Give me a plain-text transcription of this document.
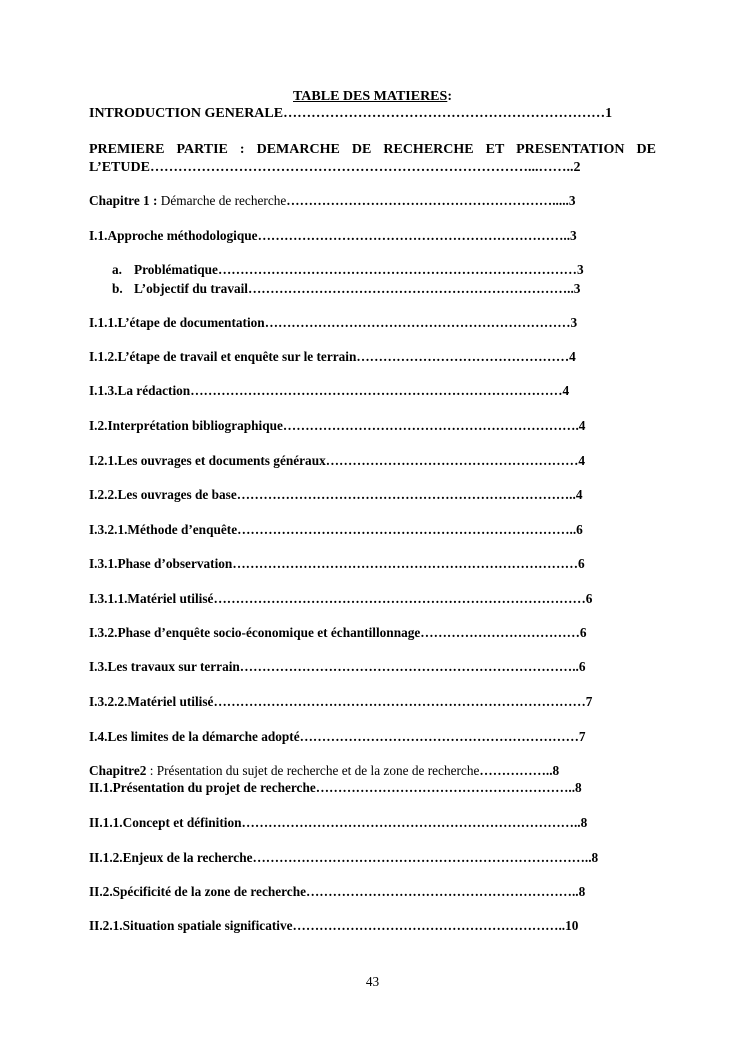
TABLE DES MATIERES:
INTRODUCTION GENERALE……………………………………………………………1
PREMIERE PARTIE : DEMARCHE DE RECHERCHE ET PRESENTATION DE
L’ETUDE………………………………………………………………………...……..2
Chapitre 1 : Démarche de recherche…………………………………………………….....3
I.1.Approche méthodologique……………………………………………………………..3
a. Problématique………………………………………………………………………3
b. L’objectif du travail………………………………………………………………..3
I.1.1.L’étape de documentation……………………………………………………………3
I.1.2.L’étape de travail et enquête sur le terrain…………………………………………4
I.1.3.La rédaction…………………………………………………………………………4
I.2.Interprétation bibliographique………………………………………………………….4
I.2.1.Les ouvrages et documents généraux…………………………………………………4
I.2.2.Les ouvrages de base…………………………………………………………………..4
I.3.2.1.Méthode d’enquête…………………………………………………………………..6
I.3.1.Phase d’observation……………………………………………………………………6
I.3.1.1.Matériel utilisé…………………………………………………………………………6
I.3.2.Phase d’enquête socio-économique et échantillonnage………………………………6
I.3.Les travaux sur terrain…………………………………………………………………..6
I.3.2.2.Matériel utilisé…………………………………………………………………………7
I.4.Les limites de la démarche adopté………………………………………………………7
Chapitre2 : Présentation du sujet de recherche et de la zone de recherche……………..8
II.1.Présentation du projet de recherche…………………………………………………..8
II.1.1.Concept et définition…………………………………………………………………..8
II.1.2.Enjeux de la recherche…………………………………………………………………..8
II.2.Spécificité de la zone de recherche……………………………………………………..8
II.2.1.Situation spatiale significative……………………………………………………..10
43
